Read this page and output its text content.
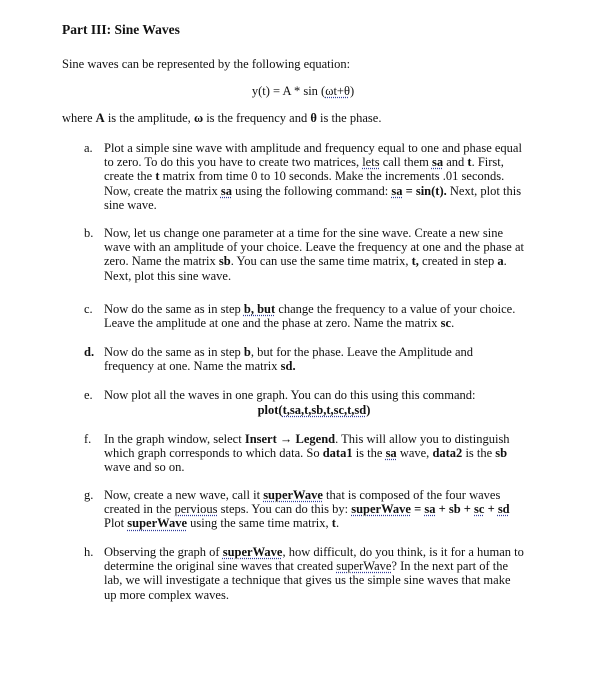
Part III: Sine Waves
Sine waves can be represented by the following equation:
y(t) = A * sin (ωt+θ)
where A is the amplitude, ω is the frequency and θ is the phase.
a. Plot a simple sine wave with amplitude and frequency equal to one and phase equal to zero. To do this you have to create two matrices, lets call them sa and t. First, create the t matrix from time 0 to 10 seconds. Make the increments .01 seconds. Now, create the matrix sa using the following command: sa = sin(t). Next, plot this sine wave.
b. Now, let us change one parameter at a time for the sine wave. Create a new sine wave with an amplitude of your choice. Leave the frequency at one and the phase at zero. Name the matrix sb. You can use the same time matrix, t, created in step a. Next, plot this sine wave.
c. Now do the same as in step b, but change the frequency to a value of your choice. Leave the amplitude at one and the phase at zero. Name the matrix sc.
d. Now do the same as in step b, but for the phase. Leave the Amplitude and frequency at one. Name the matrix sd.
e. Now plot all the waves in one graph. You can do this using this command:
plot(t,sa,t,sb,t,sc,t,sd)
f.	In the graph window, select Insert → Legend. This will allow you to distinguish which graph corresponds to which data. So data1 is the sa wave, data2 is the sb wave and so on.
g. Now, create a new wave, call it superWave that is composed of the four waves created in the pervious steps. You can do this by: superWave = sa + sb + sc + sd Plot superWave using the same time matrix, t.
h. Observing the graph of superWave, how difficult, do you think, is it for a human to determine the original sine waves that created superWave? In the next part of the lab, we will investigate a technique that gives us the simple sine waves that make up more complex waves.
